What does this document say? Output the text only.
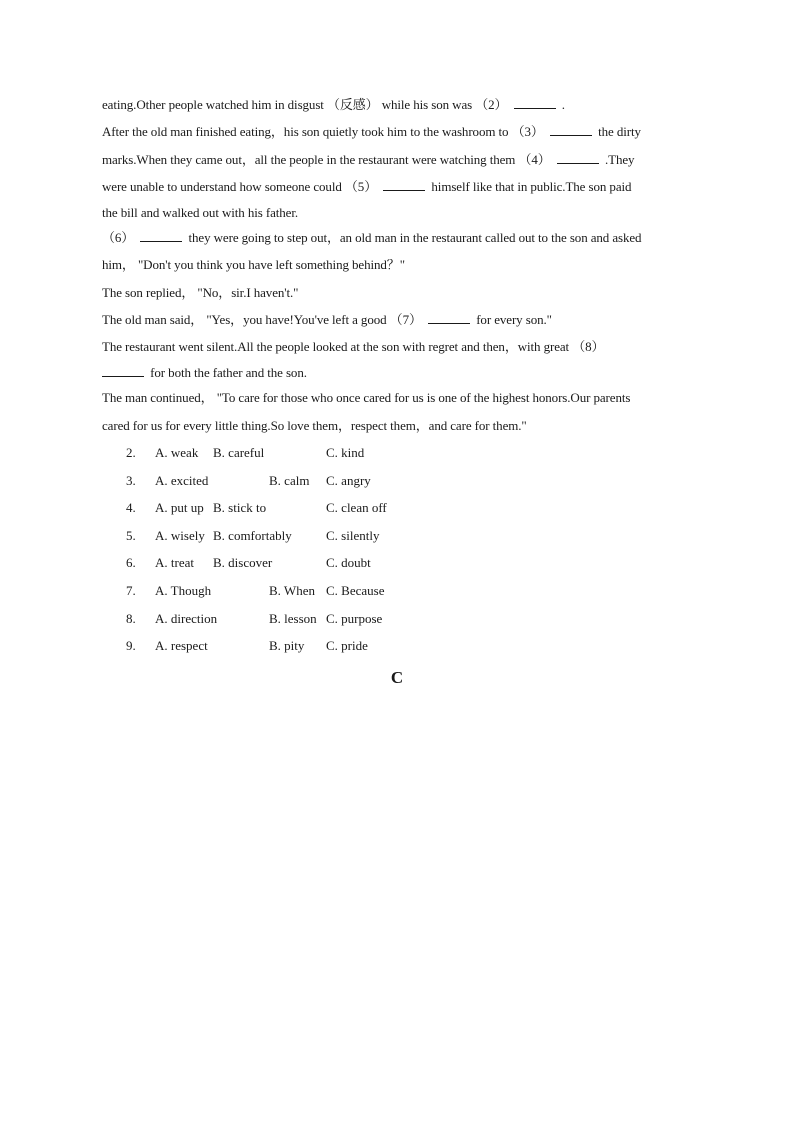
eating.Other people watched him in disgust （反感） while his son was （2）	.
After the old man finished eating，his son quietly took him to the washroom to （3）	the dirty
marks.When they came out，all the people in the restaurant were watching them （4）	.They
were unable to understand how someone could （5）	himself like that in public.The son paid
the bill and walked out with his father.
（6）	they were going to step out，an old man in the restaurant called out to the son and asked
him， "Don't you think you have left something behind？"
The son replied， "No，sir.I haven't."
The old man said， "Yes，you have!You've left a good （7）	for every son."
The restaurant went silent.All the people looked at the son with regret and then，with great （8）
for both the father and the son.
The man continued， "To care for those who once cared for us is one of the highest honors.Our parents
cared for us for every little thing.So love them，respect them，and care for them."
2. A. weak B. careful	C. kind
3. A. excited	B. calm C. angry
4. A. put up B. stick to	C. clean off
5. A. wisely B. comfortably	C. silently
6. A. treat B. discover	C. doubt
7. A. Though	B. When C. Because
8. A. direction	B. lesson C. purpose
9. A. respect	B. pity C. pride
C
